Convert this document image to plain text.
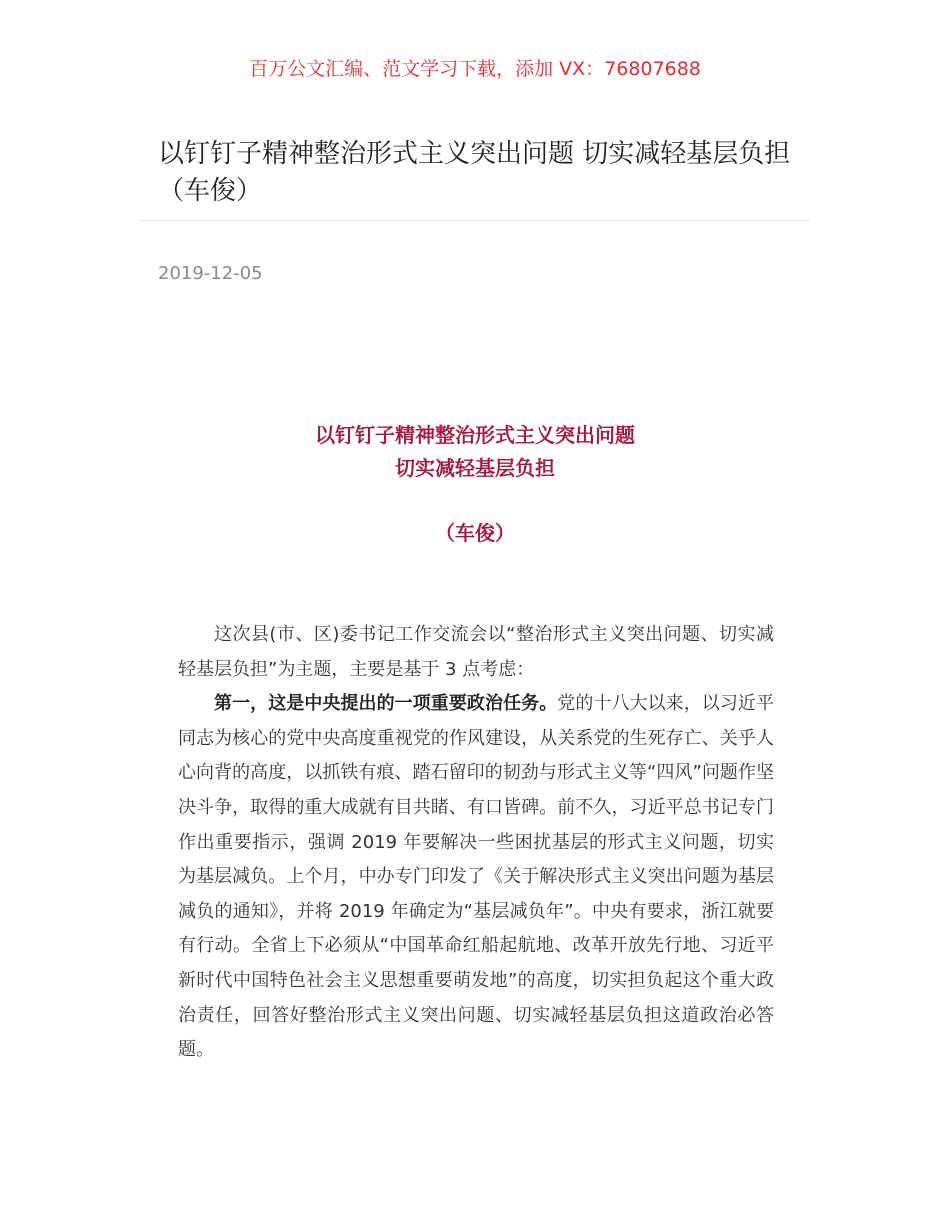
百万公文汇编、范文学习下载，添加 VX：76807688
以钉钉子精神整治形式主义突出问题 切实减轻基层负担（车俊）
2019-12-05
以钉钉子精神整治形式主义突出问题
切实减轻基层负担
（车俊）

这次县(市、区)委书记工作交流会以“整治形式主义突出问题、切实减轻基层负担”为主题，主要是基于 3 点考虑：

第一，这是中央提出的一项重要政治任务。党的十八大以来，以习近平同志为核心的党中央高度重视党的作风建设，从关系党的生死存亡、关乎人心向背的高度，以抓铁有痕、踏石留印的韧劲与形式主义等“四风”问题作坚决斗争，取得的重大成就有目共睹、有口皆碑。前不久，习近平总书记专门作出重要指示，强调 2019 年要解决一些困扰基层的形式主义问题，切实为基层减负。上个月，中办专门印发了《关于解决形式主义突出问题为基层减负的通知》，并将 2019 年确定为“基层减负年”。中央有要求，浙江就要有行动。全省上下必须从“中国革命红船起航地、改革开放先行地、习近平新时代中国特色社会主义思想重要萌发地”的高度，切实担负起这个重大政治责任，回答好整治形式主义突出问题、切实减轻基层负担这道政治必答题。
